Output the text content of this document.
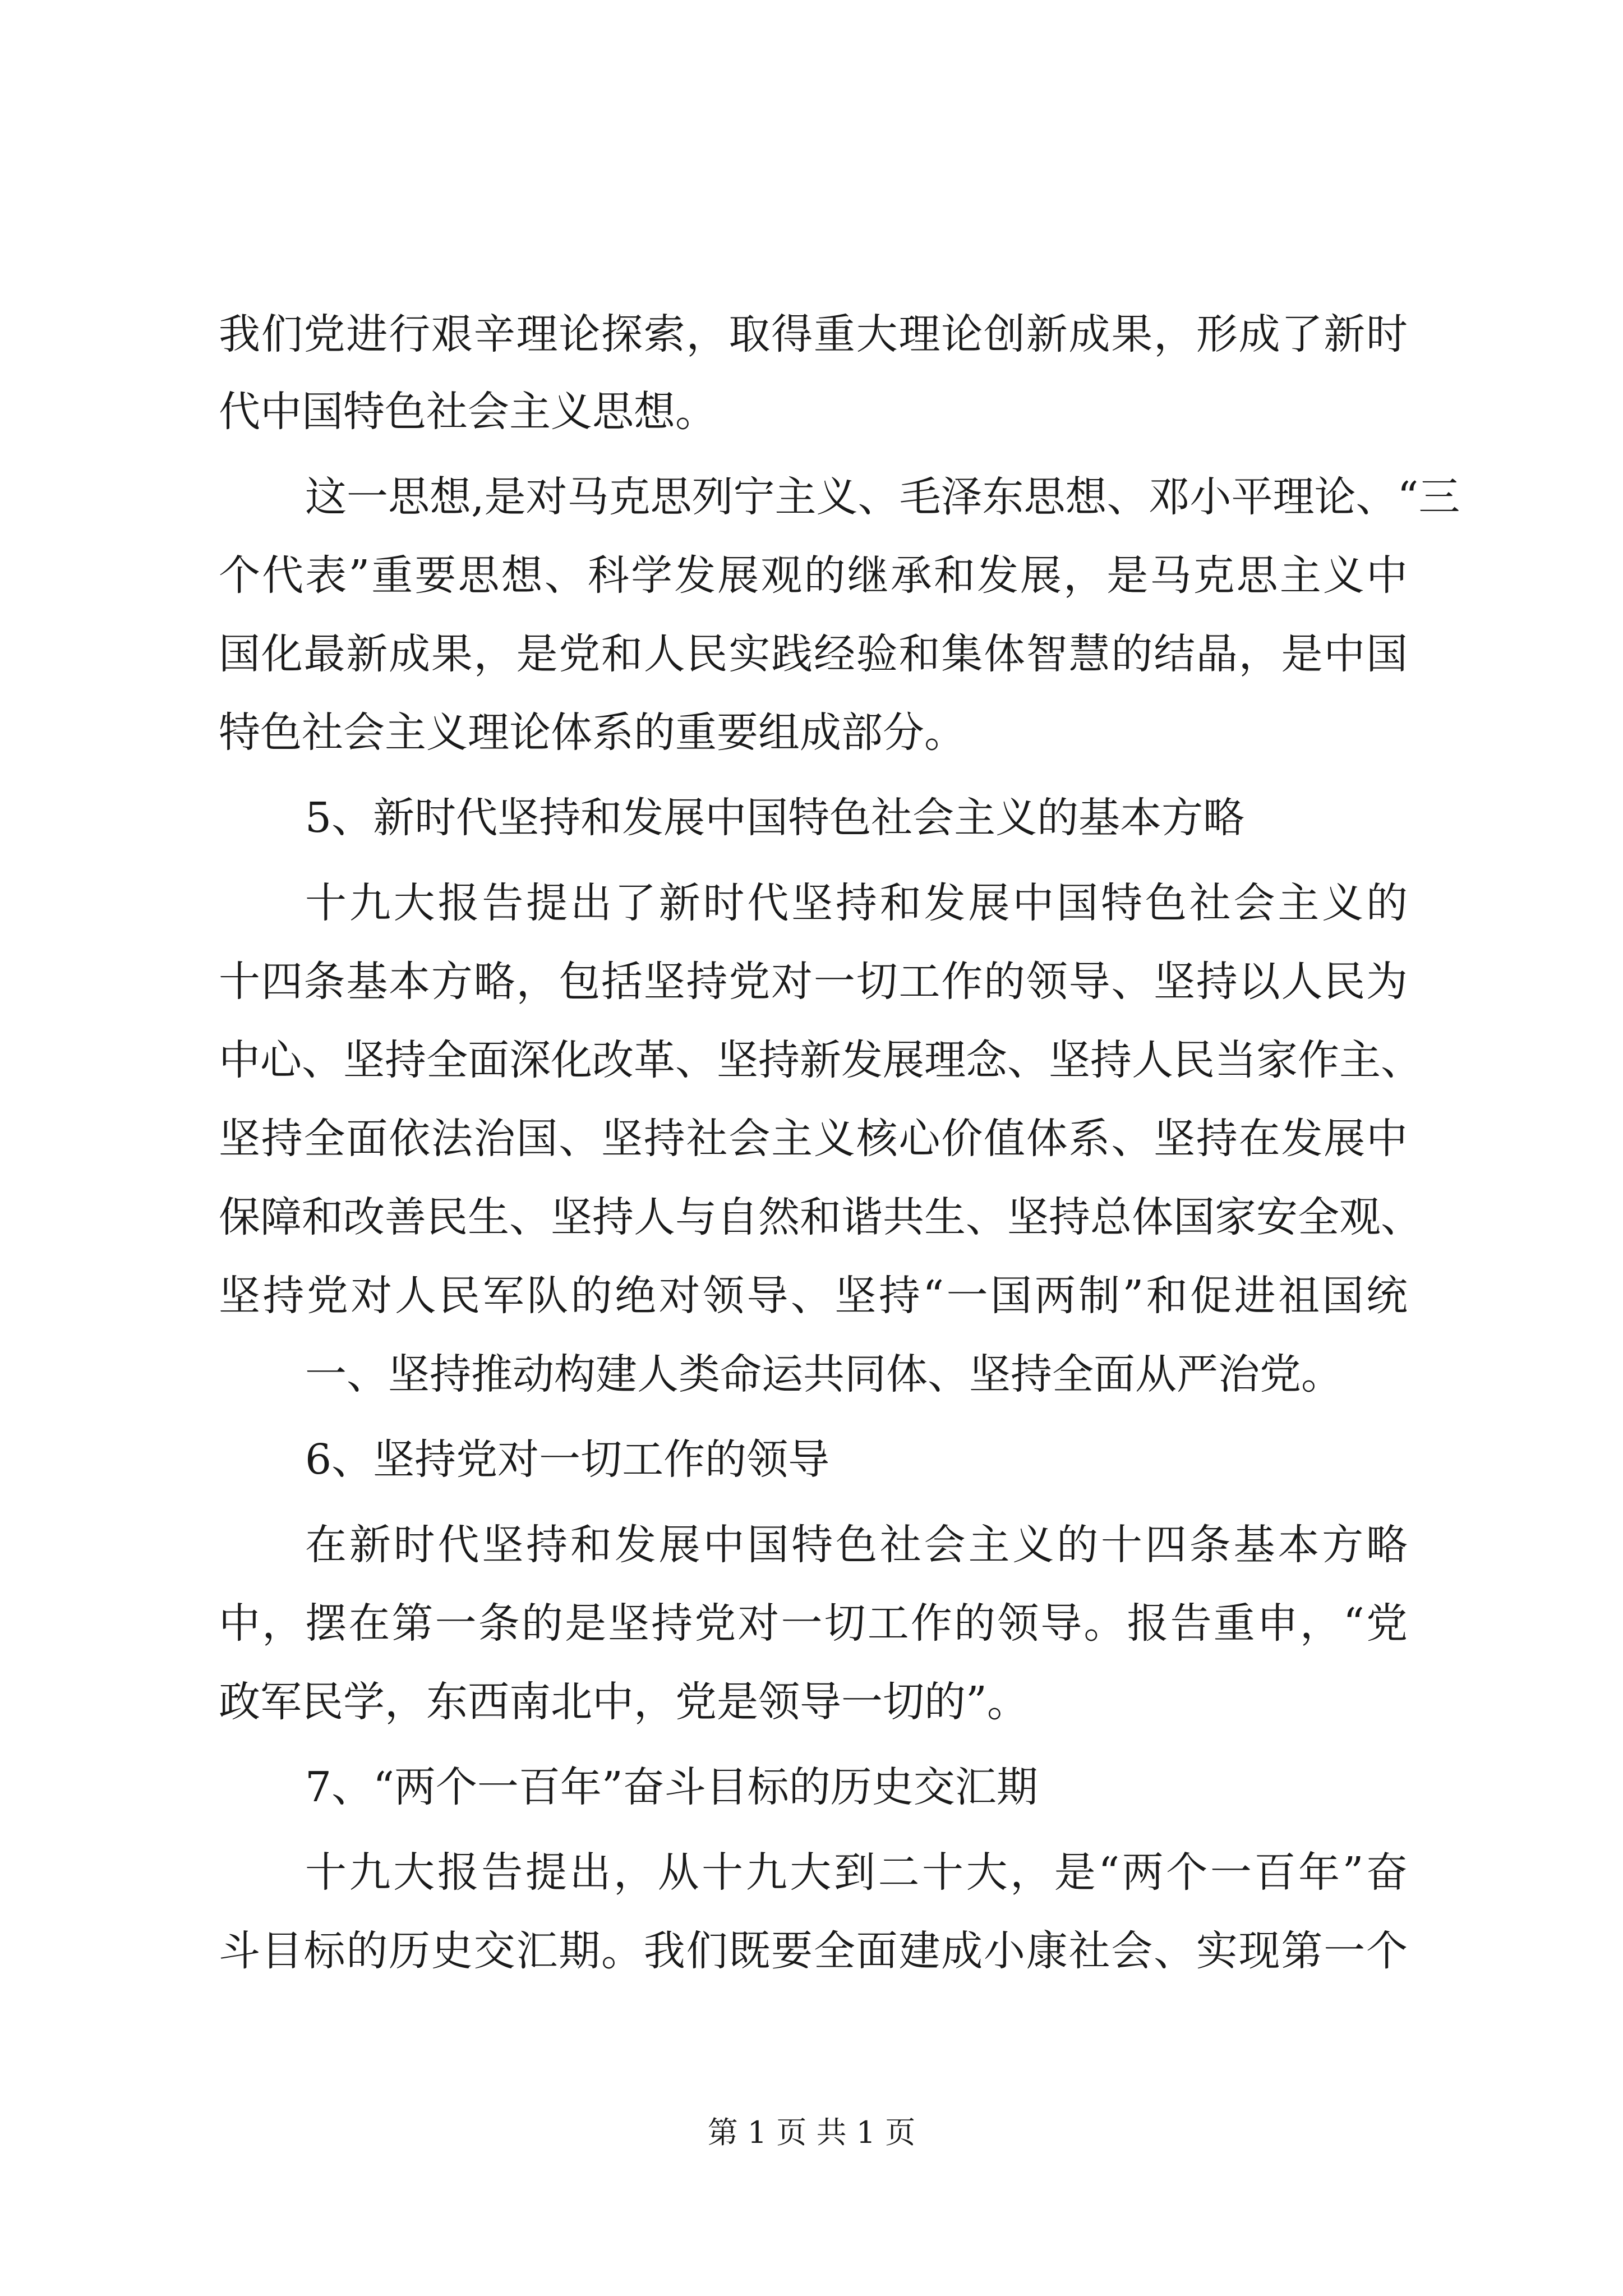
我们党进行艰辛理论探索，取得重大理论创新成果，形成了新时
代中国特色社会主义思想。
这一思想,是对马克思列宁主义、毛泽东思想、邓小平理论、“三
个代表”重要思想、科学发展观的继承和发展，是马克思主义中
国化最新成果，是党和人民实践经验和集体智慧的结晶，是中国
特色社会主义理论体系的重要组成部分。
5、新时代坚持和发展中国特色社会主义的基本方略
十九大报告提出了新时代坚持和发展中国特色社会主义的
十四条基本方略，包括坚持党对一切工作的领导、坚持以人民为
中心、坚持全面深化改革、坚持新发展理念、坚持人民当家作主、
坚持全面依法治国、坚持社会主义核心价值体系、坚持在发展中
保障和改善民生、坚持人与自然和谐共生、坚持总体国家安全观、
坚持党对人民军队的绝对领导、坚持“一国两制”和促进祖国统
一、坚持推动构建人类命运共同体、坚持全面从严治党。
6、坚持党对一切工作的领导
在新时代坚持和发展中国特色社会主义的十四条基本方略
中，摆在第一条的是坚持党对一切工作的领导。报告重申，“党
政军民学，东西南北中，党是领导一切的”。
7、“两个一百年”奋斗目标的历史交汇期
十九大报告提出，从十九大到二十大，是“两个一百年”奋
斗目标的历史交汇期。我们既要全面建成小康社会、实现第一个
第 1 页 共 1 页
